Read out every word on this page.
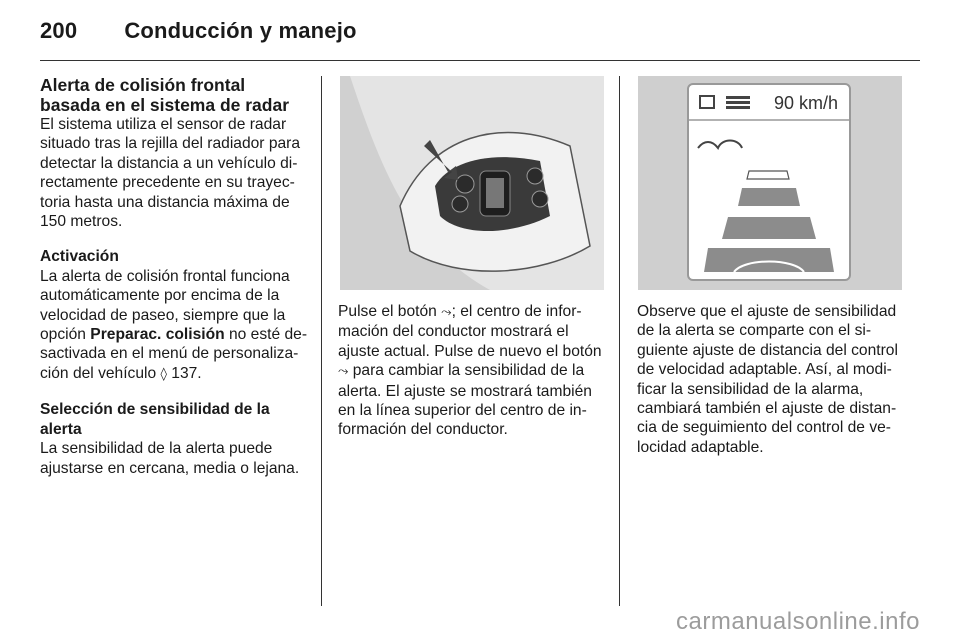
200 Conducción y manejo
Alerta de colisión frontal basada en el sistema de radar

El sistema utiliza el sensor de radar situado tras la rejilla del radiador para detectar la distancia a un vehículo directamente precedente en su trayectoria hasta una distancia máxima de 150 metros.

Activación

La alerta de colisión frontal funciona automáticamente por encima de la velocidad de paseo, siempre que la opción Preparac. colisión no esté desactivada en el menú de personalización del vehículo ◊ 137.

Selección de sensibilidad de la alerta

La sensibilidad de la alerta puede ajustarse en cercana, media o lejana.

90 km/h

Pulse el botón ⤳; el centro de información del conductor mostrará el ajuste actual. Pulse de nuevo el botón ⤳ para cambiar la sensibilidad de la alerta. El ajuste se mostrará también en la línea superior del centro de información del conductor.

Observe que el ajuste de sensibilidad de la alerta se comparte con el siguiente ajuste de distancia del control de velocidad adaptable. Así, al modificar la sensibilidad de la alarma, cambiará también el ajuste de distancia de seguimiento del control de velocidad adaptable.

carmanualsonline.info
